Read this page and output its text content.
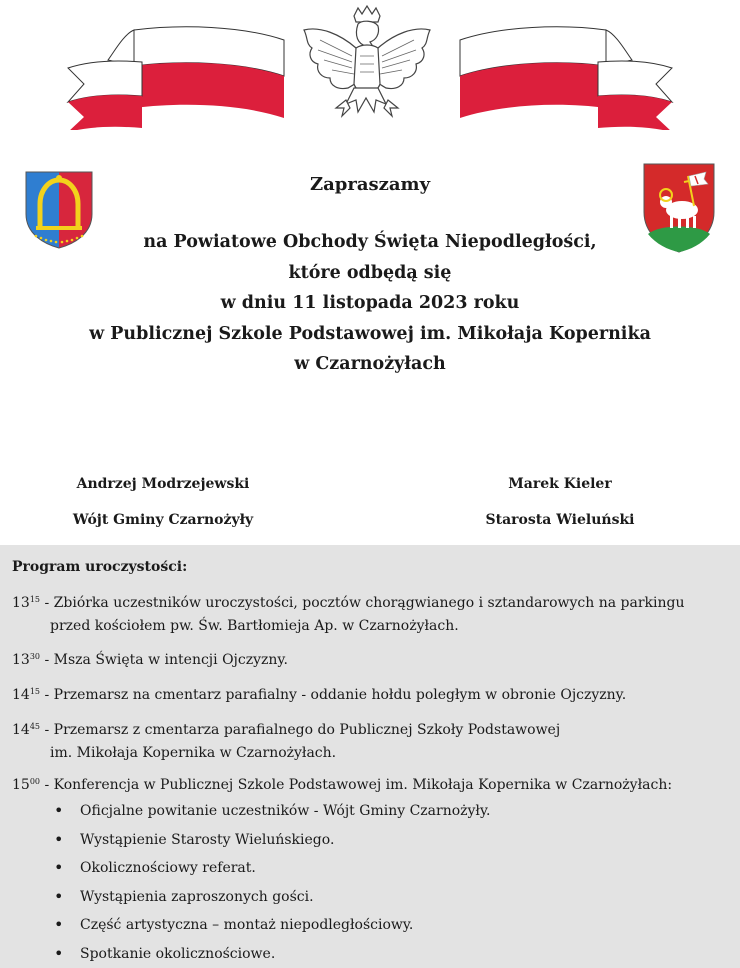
Zapraszamy
na Powiatowe Obchody Święta Niepodległości,
które odbędą się
w dniu 11 listopada 2023 roku
w Publicznej Szkole Podstawowej im. Mikołaja Kopernika
w Czarnożyłach
Andrzej Modrzejewski
Wójt Gminy Czarnożyły
Marek Kieler
Starosta Wieluński
Program uroczystości:
$13^{15}$ - Zbiórka uczestników uroczystości, pocztów chorągwianego i sztandarowych na parkingu
przed kościołem pw. Św. Bartłomieja Ap. w Czarnożyłach.
$13^{30}$ - Msza Święta w intencji Ojczyzny.
$14^{15}$ - Przemarsz na cmentarz parafialny - oddanie hołdu poległym w obronie Ojczyzny.
$14^{45}$ - Przemarsz z cmentarza parafialnego do Publicznej Szkoły Podstawowej
im. Mikołaja Kopernika w Czarnożyłach.
$15^{00}$ - Konferencja w Publicznej Szkole Podstawowej im. Mikołaja Kopernika w Czarnożyłach:
• Oficjalne powitanie uczestników - Wójt Gminy Czarnożyły.
• Wystąpienie Starosty Wieluńskiego.
• Okolicznościowy referat.
• Wystąpienia zaproszonych gości.
• Część artystyczna – montaż niepodległościowy.
• Spotkanie okolicznościowe.
